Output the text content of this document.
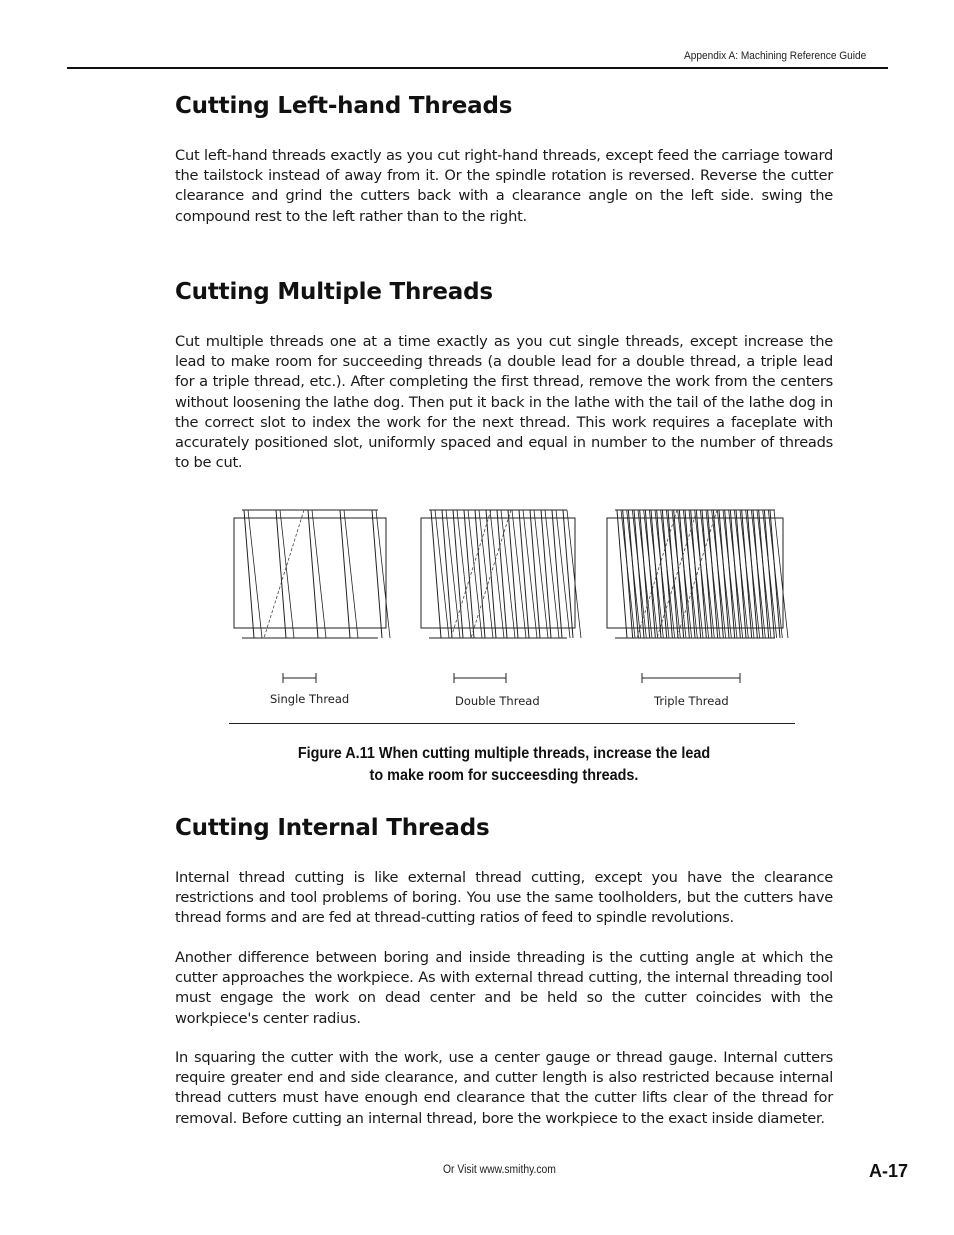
Appendix A: Machining Reference Guide
Cutting Left-hand Threads

Cut left-hand threads exactly as you cut right-hand threads, except feed the carriage toward the tailstock instead of away from it. Or the spindle rotation is reversed. Reverse the cutter clearance and grind the cutters back with a clearance angle on the left side. swing the compound rest to the left rather than to the right.

Cutting Multiple Threads

Cut multiple threads one at a time exactly as you cut single threads, except increase the lead to make room for succeeding threads (a double lead for a double thread, a triple lead for a triple thread, etc.). After completing the first thread, remove the work from the centers without loosening the lathe dog. Then put it back in the lathe with the tail of the lathe dog in the correct slot to index the work for the next thread. This work requires a faceplate with accurately positioned slot, uniformly spaced and equal in number to the number of threads to be cut.

Single Thread	Double Thread	Triple Thread

Figure A.11 When cutting multiple threads, increase the lead

to make room for succeesding threads.

Cutting Internal Threads

Internal thread cutting is like external thread cutting, except you have the clearance restrictions and tool problems of boring. You use the same toolholders, but the cutters have thread forms and are fed at thread-cutting ratios of feed to spindle revolutions.

Another difference between boring and inside threading is the cutting angle at which the cutter approaches the workpiece. As with external thread cutting, the internal threading tool must engage the work on dead center and be held so the cutter coincides with the workpiece's center radius.

In squaring the cutter with the work, use a center gauge or thread gauge. Internal cutters require greater end and side clearance, and cutter length is also restricted because internal thread cutters must have enough end clearance that the cutter lifts clear of the thread for removal. Before cutting an internal thread, bore the workpiece to the exact inside diameter.

Or Visit www.smithy.com	A-17
